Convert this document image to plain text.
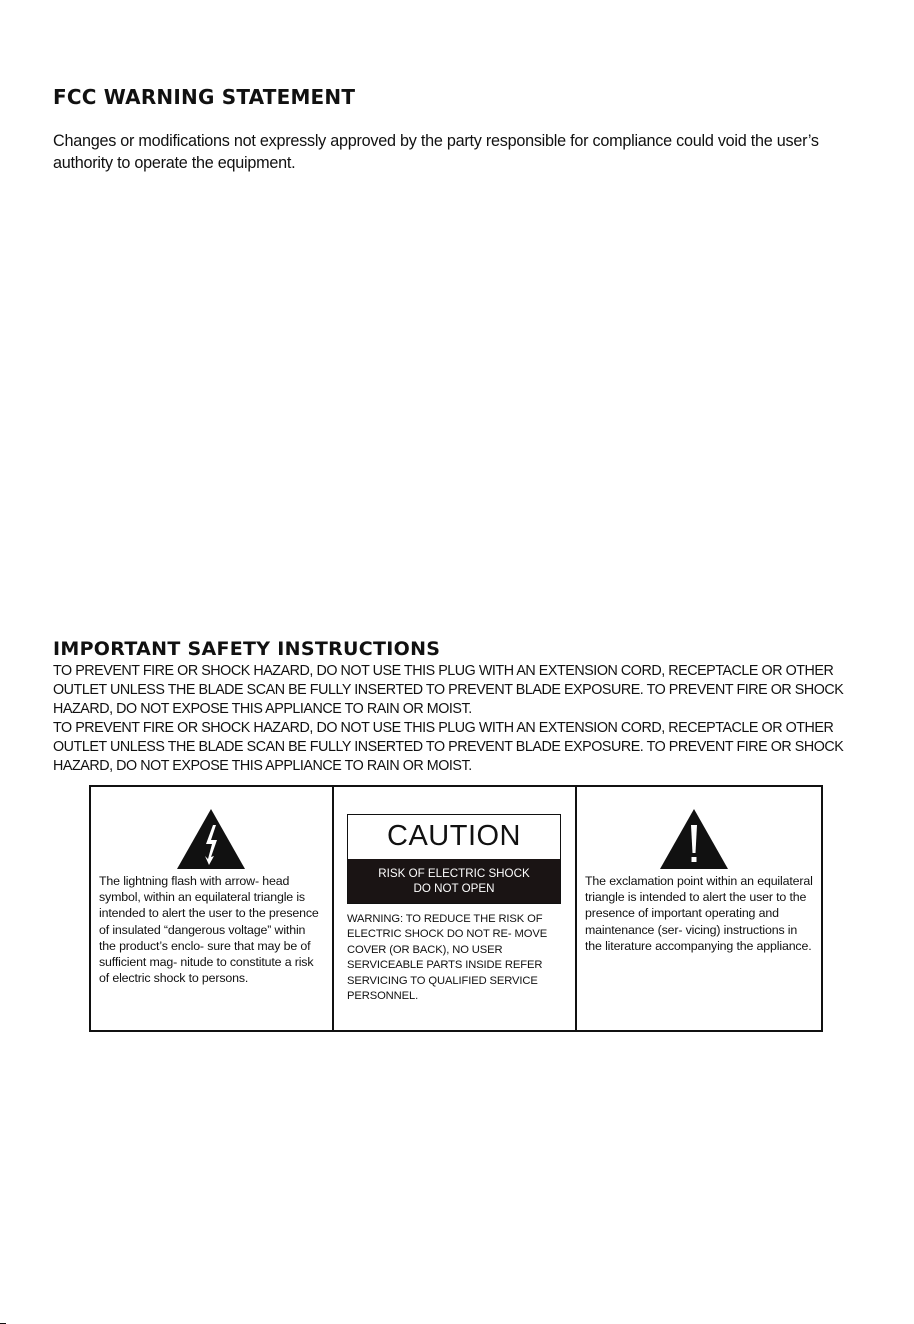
FCC WARNING STATEMENT

Changes or modifications not expressly approved by the party responsible for compliance could void the user’s authority to operate the equipment.

IMPORTANT SAFETY INSTRUCTIONS

TO PREVENT FIRE OR SHOCK HAZARD, DO NOT USE THIS PLUG WITH AN EXTENSION CORD, RECEPTACLE OR OTHER OUTLET UNLESS THE BLADE SCAN BE FULLY INSERTED TO PREVENT BLADE EXPOSURE. TO PREVENT FIRE OR SHOCK HAZARD, DO NOT EXPOSE THIS APPLIANCE TO RAIN OR MOIST.

TO PREVENT FIRE OR SHOCK HAZARD, DO NOT USE THIS PLUG WITH AN EXTENSION CORD, RECEPTACLE OR OTHER OUTLET UNLESS THE BLADE SCAN BE FULLY INSERTED TO PREVENT BLADE EXPOSURE. TO PREVENT FIRE OR SHOCK HAZARD, DO NOT EXPOSE THIS APPLIANCE TO RAIN OR MOIST.

The lightning flash with arrow- head symbol, within an equilateral triangle is intended to alert the user to the presence of insulated “dangerous voltage” within the product’s enclo- sure that may be of sufficient mag- nitude to constitute a risk of electric shock to persons.

CAUTION
RISK OF ELECTRIC SHOCK
DO NOT OPEN

WARNING: TO REDUCE THE RISK OF ELECTRIC SHOCK DO NOT RE- MOVE COVER (OR BACK), NO USER SERVICEABLE PARTS INSIDE REFER SERVICING TO QUALIFIED SERVICE PERSONNEL.

The exclamation point within an equilateral triangle is intended to alert the user to the presence of important operating and maintenance (ser- vicing) instructions in the literature accompanying the appliance.
